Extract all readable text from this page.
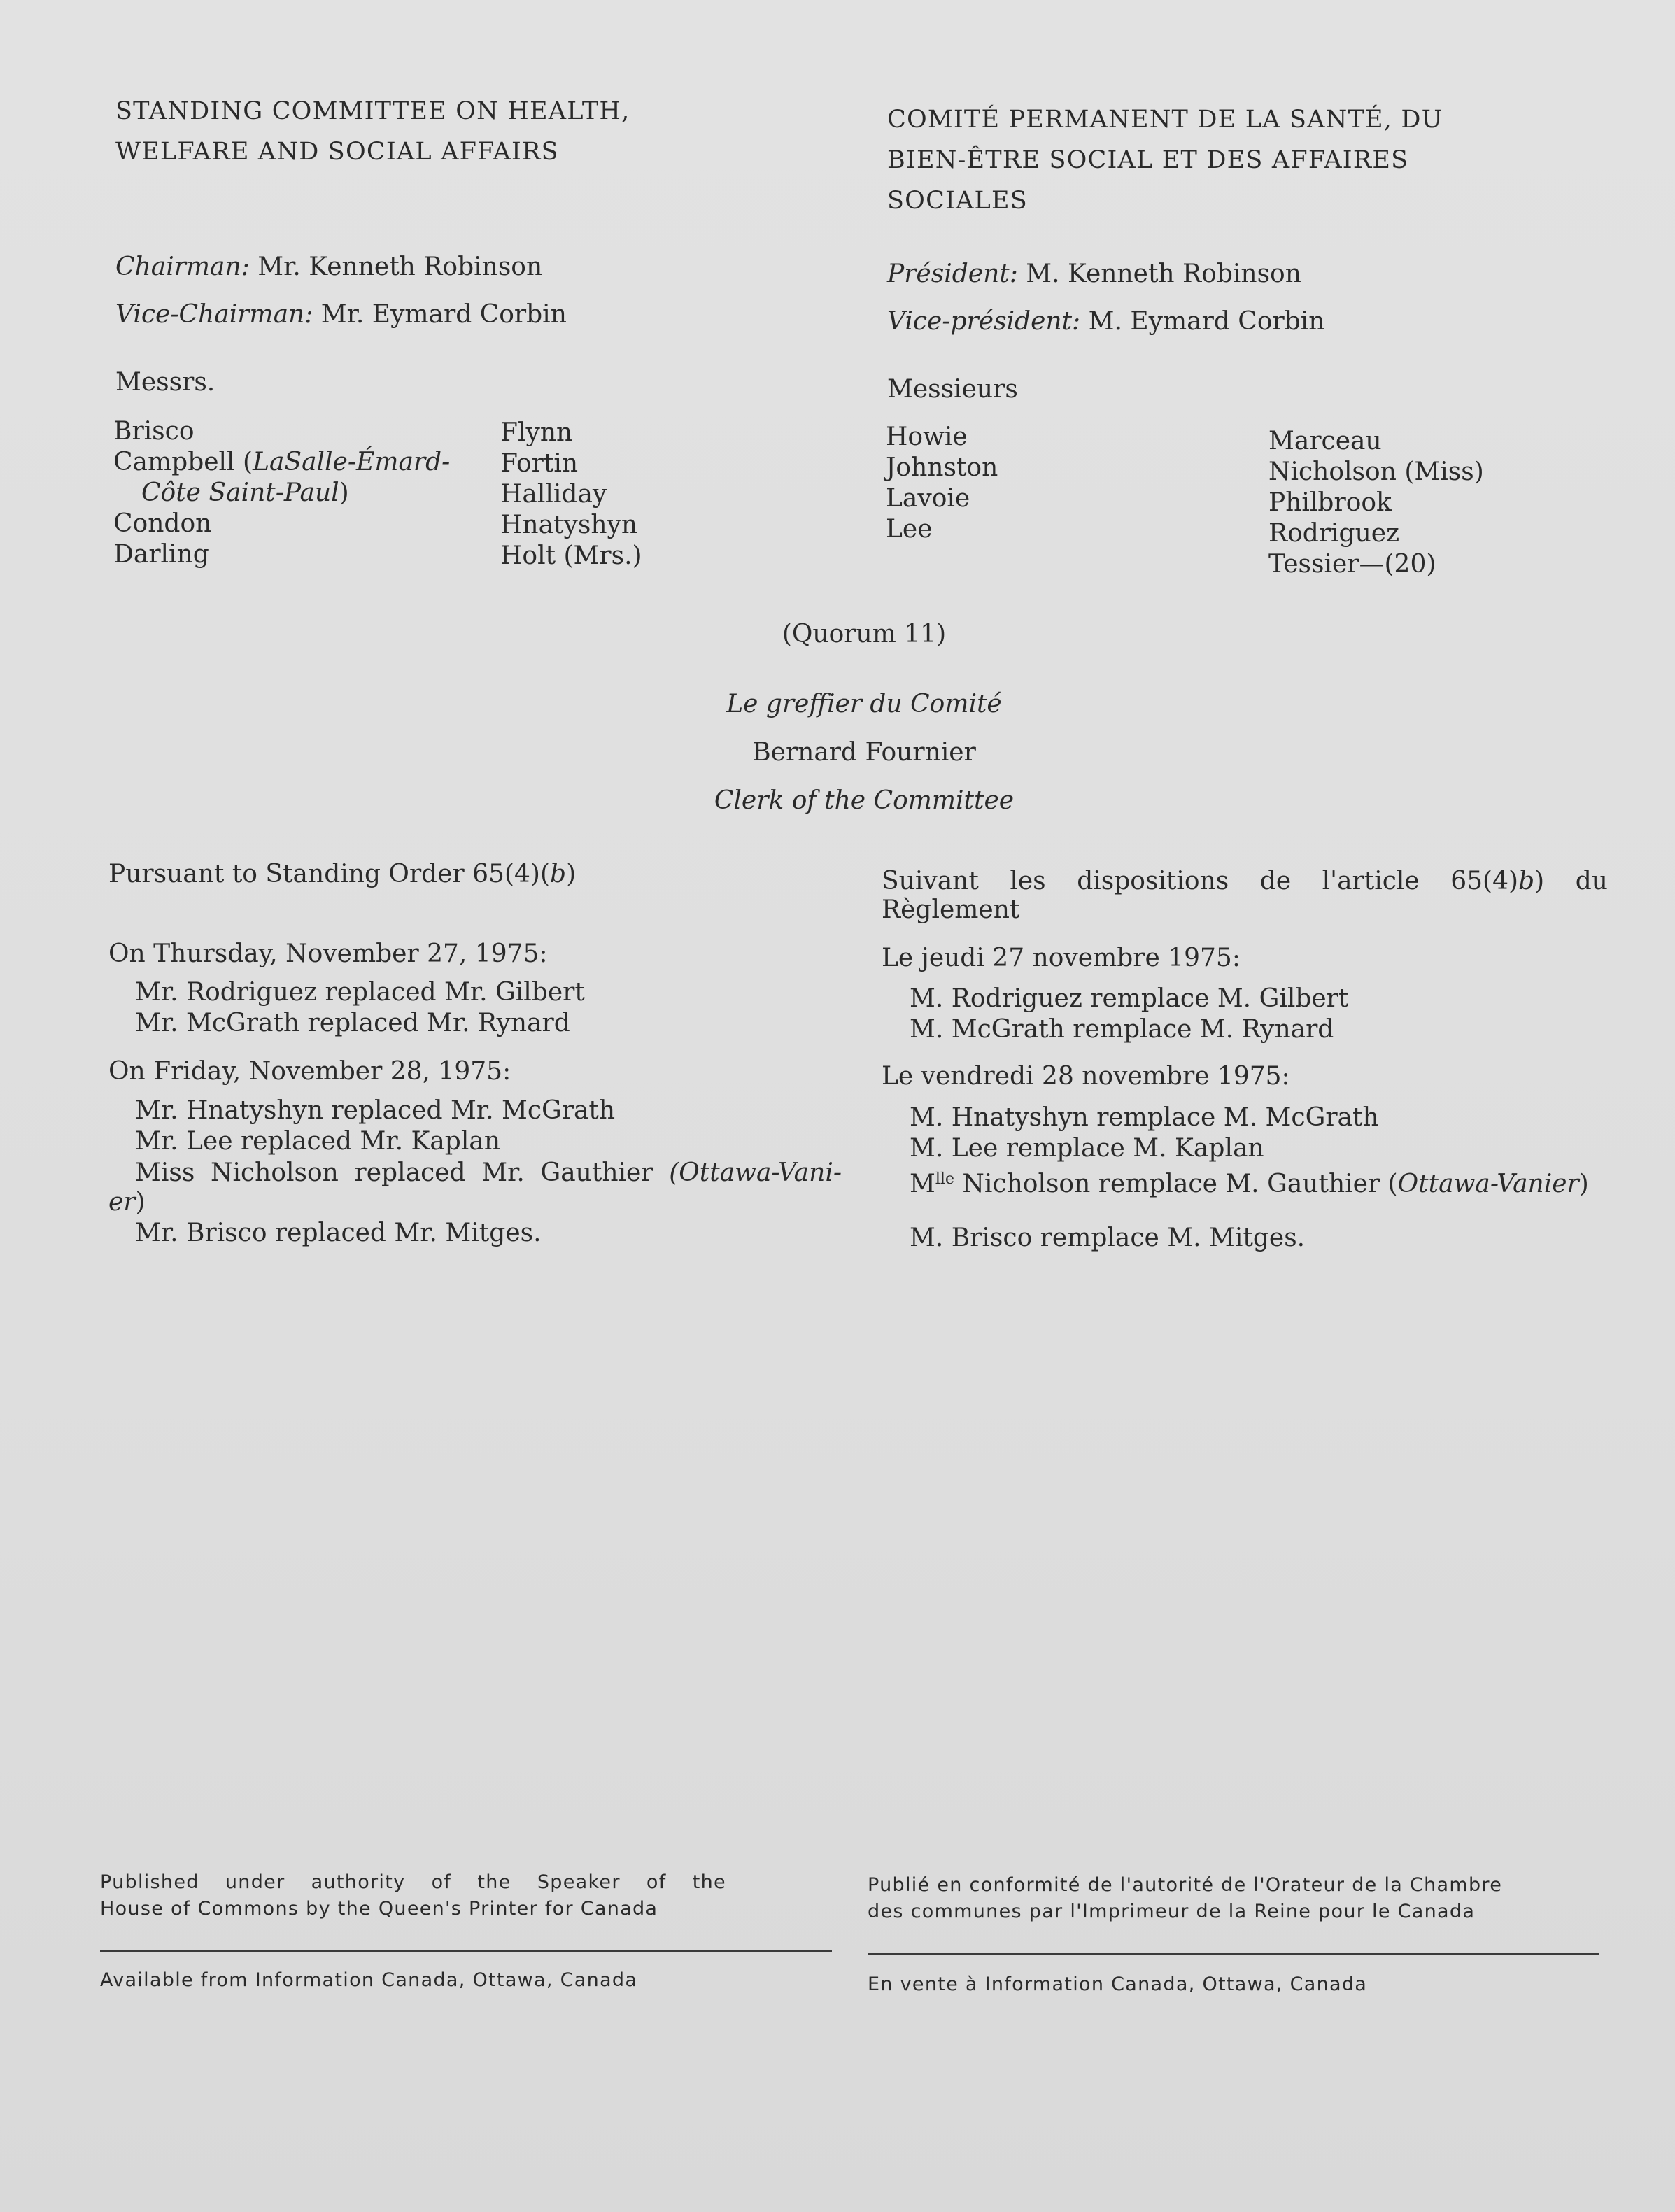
STANDING COMMITTEE ON HEALTH,
WELFARE AND SOCIAL AFFAIRS
COMITÉ PERMANENT DE LA SANTÉ, DU
BIEN-ÊTRE SOCIAL ET DES AFFAIRES
SOCIALES
Chairman: Mr. Kenneth Robinson
Vice-Chairman: Mr. Eymard Corbin
Messrs.
Président: M. Kenneth Robinson
Vice-président: M. Eymard Corbin
Messieurs
Brisco
Campbell (LaSalle-Émard-
Côte Saint-Paul)
Condon
Darling
Flynn
Fortin
Halliday
Hnatyshyn
Holt (Mrs.)
Howie
Johnston
Lavoie
Lee
Marceau
Nicholson (Miss)
Philbrook
Rodriguez
Tessier—(20)
(Quorum 11)
Le greffier du Comité
Bernard Fournier
Clerk of the Committee
Pursuant to Standing Order 65(4)(b)
On Thursday, November 27, 1975:
Mr. Rodriguez replaced Mr. Gilbert
Mr. McGrath replaced Mr. Rynard
On Friday, November 28, 1975:
Mr. Hnatyshyn replaced Mr. McGrath
Mr. Lee replaced Mr. Kaplan
Miss Nicholson replaced Mr. Gauthier (Ottawa-Vani-
er)
Mr. Brisco replaced Mr. Mitges.
Suivant les dispositions de l'article 65(4)b) du
Règlement
Le jeudi 27 novembre 1975:
M. Rodriguez remplace M. Gilbert
M. McGrath remplace M. Rynard
Le vendredi 28 novembre 1975:
M. Hnatyshyn remplace M. McGrath
M. Lee remplace M. Kaplan
$M^{lle}$ Nicholson remplace M. Gauthier (Ottawa-Vanier)
M. Brisco remplace M. Mitges.
Published under authority of the Speaker of the
House of Commons by the Queen's Printer for Canada
Available from Information Canada, Ottawa, Canada
Publié en conformité de l'autorité de l'Orateur de la Chambre
des communes par l'Imprimeur de la Reine pour le Canada
En vente à Information Canada, Ottawa, Canada
